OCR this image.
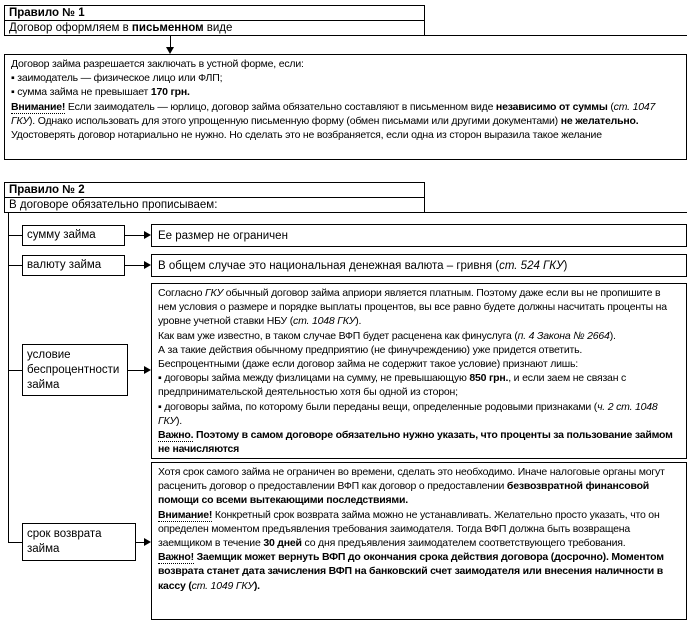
Правило № 1
Договор оформляем в письменном виде

Договор займа разрешается заключать в устной форме, если:

▪ заимодатель — физическое лицо или ФЛП;

▪ сумма займа не превышает 170 грн.

Внимание! Если заимодатель — юрлицо, договор займа обязательно составляют в письменном виде независимо от суммы (ст. 1047 ГКУ). Однако использовать для этого упрощенную письменную форму (обмен письмами или другими документами) не желательно.

Удостоверять договор нотариально не нужно. Но сделать это не возбраняется, если одна из сторон выразила такое желание

Правило № 2
В договоре обязательно прописываем:
сумму займа	Ее размер не ограничен

валюту займа	В общем случае это национальная денежная валюта – гривня (ст. 524 ГКУ)

условие беспроцентности займа

Согласно ГКУ обычный договор займа априори является платным. Поэтому даже если вы не пропишите в нем условия о размере и порядке выплаты процентов, вы все равно будете должны насчитать проценты на уровне учетной ставки НБУ (ст. 1048 ГКУ).

Как вам уже известно, в таком случае ВФП будет расценена как финуслуга (п. 4 Закона № 2664).

А за такие действия обычному предприятию (не финучреждению) уже придется ответить.

Беспроцентными (даже если договор займа не содержит такое условие) признают лишь:

▪ договоры займа между физлицами на сумму, не превышающую 850 грн., и если заем не связан с предпринимательской деятельностью хотя бы одной из сторон;

▪ договоры займа, по которому были переданы вещи, определенные родовыми признаками (ч. 2 ст. 1048 ГКУ).

Важно. Поэтому в самом договоре обязательно нужно указать, что проценты за пользование займом не начисляются

срок возврата займа

Хотя срок самого займа не ограничен во времени, сделать это необходимо. Иначе налоговые органы могут расценить договор о предоставлении ВФП как договор о предоставлении безвозвратной финансовой помощи со всеми вытекающими последствиями.

Внимание! Конкретный срок возврата займа можно не устанавливать. Желательно просто указать, что он определен моментом предъявления требования заимодателя. Тогда ВФП должна быть возвращена заемщиком в течение 30 дней со дня предъявления заимодателем соответствующего требования.

Важно! Заемщик может вернуть ВФП до окончания срока действия договора (досрочно). Моментом возврата станет дата зачисления ВФП на банковский счет заимодателя или внесения наличности в кассу (ст. 1049 ГКУ).
